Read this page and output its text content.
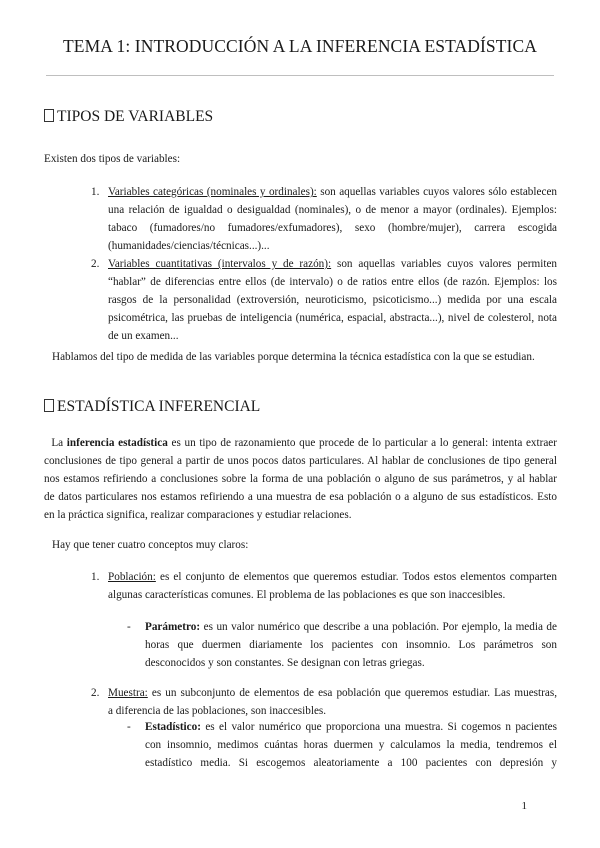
TEMA 1: INTRODUCCIÓN A LA INFERENCIA ESTADÍSTICA
TIPOS DE VARIABLES
Existen dos tipos de variables:
1. Variables categóricas (nominales y ordinales): son aquellas variables cuyos valores sólo establecen
una relación de igualdad o desigualdad (nominales), o de menor a mayor (ordinales). Ejemplos:
tabaco (fumadores/no fumadores/exfumadores), sexo (hombre/mujer), carrera escogida
(humanidades/ciencias/técnicas...)...
2. Variables cuantitativas (intervalos y de razón): son aquellas variables cuyos valores permiten
“hablar” de diferencias entre ellos (de intervalo) o de ratios entre ellos (de razón. Ejemplos: los
rasgos de la personalidad (extroversión, neuroticismo, psicoticismo...) medida por una escala
psicométrica, las pruebas de inteligencia (numérica, espacial, abstracta...), nivel de colesterol, nota
de un examen...
Hablamos del tipo de medida de las variables porque determina la técnica estadística con la que se estudian.
ESTADÍSTICA INFERENCIAL
La inferencia estadística es un tipo de razonamiento que procede de lo particular a lo general: intenta extraer
conclusiones de tipo general a partir de unos pocos datos particulares. Al hablar de conclusiones de tipo general
nos estamos refiriendo a conclusiones sobre la forma de una población o alguno de sus parámetros, y al hablar
de datos particulares nos estamos refiriendo a una muestra de esa población o a alguno de sus estadísticos. Esto
en la práctica significa, realizar comparaciones y estudiar relaciones.
Hay que tener cuatro conceptos muy claros:
1. Población: es el conjunto de elementos que queremos estudiar. Todos estos elementos comparten
algunas características comunes. El problema de las poblaciones es que son inaccesibles.
- Parámetro: es un valor numérico que describe a una población. Por ejemplo, la media de
horas que duermen diariamente los pacientes con insomnio. Los parámetros son
desconocidos y son constantes. Se designan con letras griegas.
2. Muestra: es un subconjunto de elementos de esa población que queremos estudiar. Las muestras,
a diferencia de las poblaciones, son inaccesibles.
- Estadístico: es el valor numérico que proporciona una muestra. Si cogemos n pacientes
con insomnio, medimos cuántas horas duermen y calculamos la media, tendremos el
estadístico media. Si escogemos aleatoriamente a 100 pacientes con depresión y
1
